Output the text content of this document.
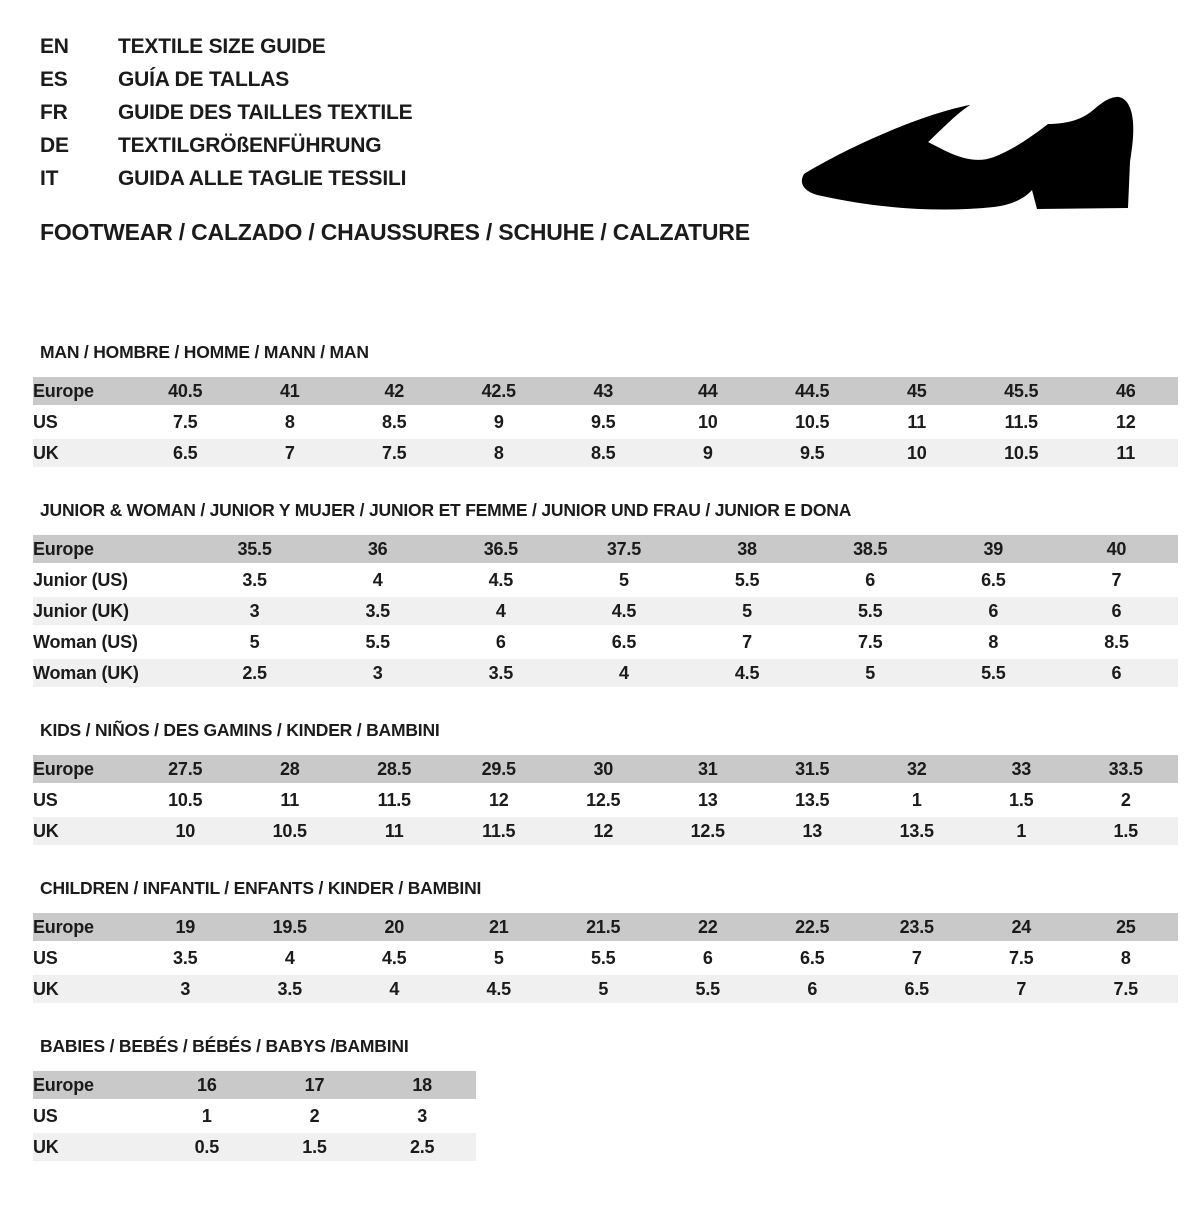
EN TEXTILE SIZE GUIDE
ES GUÍA DE TALLAS
FR GUIDE DES TAILLES TEXTILE
DE TEXTILGRÖßENFÜHRUNG
IT	GUIDA ALLE TAGLIE TESSILI
FOOTWEAR / CALZADO / CHAUSSURES / SCHUHE / CALZATURE
MAN / HOMBRE / HOMME / MANN / MAN
Europe	40.5	41	42	42.5	43	44	44.5	45	45.5	46
US	7.5	8	8.5	9	9.5	10	10.5	11	11.5	12
UK	6.5	7	7.5	8	8.5	9	9.5	10	10.5	11
JUNIOR & WOMAN / JUNIOR Y MUJER / JUNIOR ET FEMME / JUNIOR UND FRAU / JUNIOR E DONA
Europe	35.5	36	36.5	37.5	38	38.5	39	40
Junior (US)	3.5	4	4.5	5	5.5	6	6.5	7
Junior (UK)	3	3.5	4	4.5	5	5.5	6	6
Woman (US)	5	5.5	6	6.5	7	7.5	8	8.5
Woman (UK)	2.5	3	3.5	4	4.5	5	5.5	6
KIDS / NIÑOS / DES GAMINS / KINDER / BAMBINI
Europe	27.5	28	28.5	29.5	30	31	31.5	32	33	33.5
US	10.5	11	11.5	12	12.5	13	13.5	1	1.5	2
UK	10	10.5	11	11.5	12	12.5	13	13.5	1	1.5
CHILDREN / INFANTIL / ENFANTS / KINDER / BAMBINI
Europe	19	19.5	20	21	21.5	22	22.5	23.5	24	25
US	3.5	4	4.5	5	5.5	6	6.5	7	7.5	8
UK	3	3.5	4	4.5	5	5.5	6	6.5	7	7.5
BABIES / BEBÉS / BÉBÉS / BABYS /BAMBINI
Europe	16	17	18
US	1	2	3
UK	0.5	1.5	2.5
